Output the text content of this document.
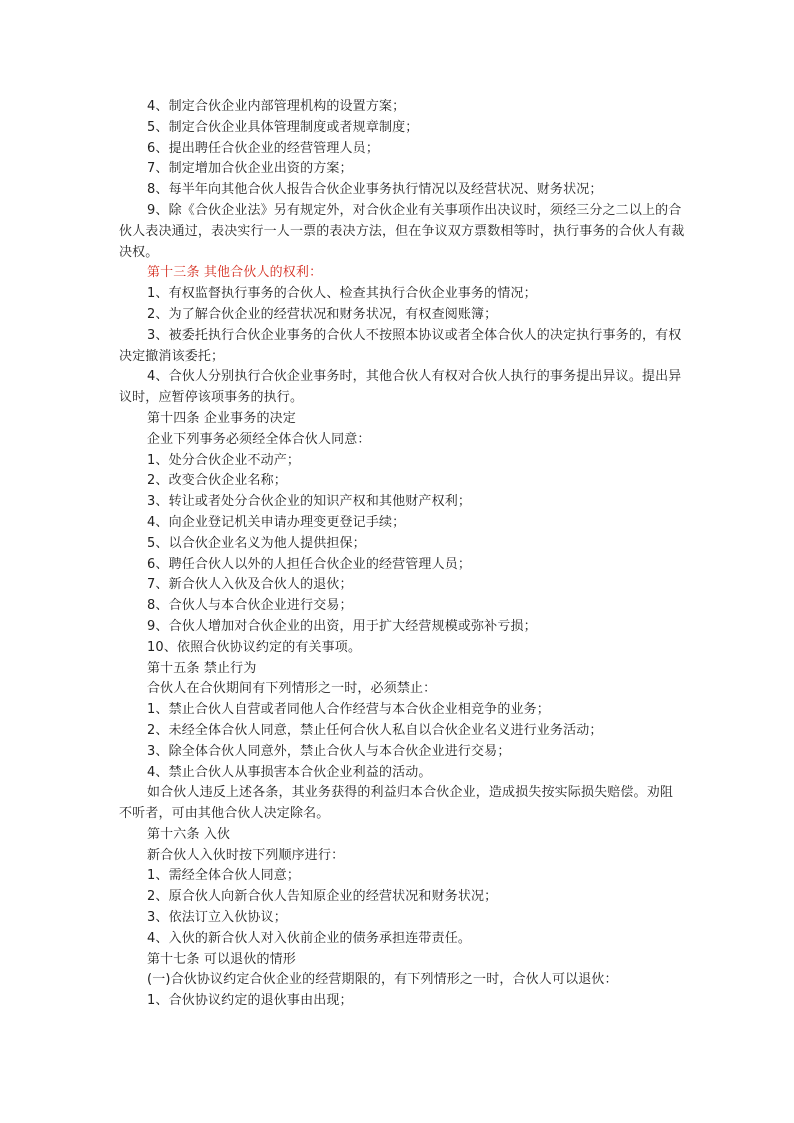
4、制定合伙企业内部管理机构的设置方案；

5、制定合伙企业具体管理制度或者规章制度；

6、提出聘任合伙企业的经营管理人员；

7、制定增加合伙企业出资的方案；

8、每半年向其他合伙人报告合伙企业事务执行情况以及经营状况、财务状况；

9、除《合伙企业法》另有规定外，对合伙企业有关事项作出决议时，须经三分之二以上的合伙人表决通过，表决实行一人一票的表决方法，但在争议双方票数相等时，执行事务的合伙人有裁决权。

第十三条 其他合伙人的权利：

1、有权监督执行事务的合伙人、检查其执行合伙企业事务的情况；

2、为了解合伙企业的经营状况和财务状况，有权查阅账簿；

3、被委托执行合伙企业事务的合伙人不按照本协议或者全体合伙人的决定执行事务的，有权决定撤消该委托；

4、合伙人分别执行合伙企业事务时，其他合伙人有权对合伙人执行的事务提出异议。提出异议时，应暂停该项事务的执行。

第十四条 企业事务的决定

企业下列事务必须经全体合伙人同意：

1、处分合伙企业不动产；

2、改变合伙企业名称；

3、转让或者处分合伙企业的知识产权和其他财产权利；

4、向企业登记机关申请办理变更登记手续；

5、以合伙企业名义为他人提供担保；

6、聘任合伙人以外的人担任合伙企业的经营管理人员；

7、新合伙人入伙及合伙人的退伙；

8、合伙人与本合伙企业进行交易；

9、合伙人增加对合伙企业的出资，用于扩大经营规模或弥补亏损；

10、依照合伙协议约定的有关事项。

第十五条 禁止行为

合伙人在合伙期间有下列情形之一时，必须禁止：

1、禁止合伙人自营或者同他人合作经营与本合伙企业相竞争的业务；

2、未经全体合伙人同意，禁止任何合伙人私自以合伙企业名义进行业务活动；

3、除全体合伙人同意外，禁止合伙人与本合伙企业进行交易；

4、禁止合伙人从事损害本合伙企业利益的活动。

如合伙人违反上述各条，其业务获得的利益归本合伙企业，造成损失按实际损失赔偿。劝阻不听者，可由其他合伙人决定除名。

第十六条 入伙

新合伙人入伙时按下列顺序进行：

1、需经全体合伙人同意；

2、原合伙人向新合伙人告知原企业的经营状况和财务状况；

3、依法订立入伙协议；

4、入伙的新合伙人对入伙前企业的债务承担连带责任。

第十七条 可以退伙的情形

(一)合伙协议约定合伙企业的经营期限的，有下列情形之一时，合伙人可以退伙：

1、合伙协议约定的退伙事由出现；
